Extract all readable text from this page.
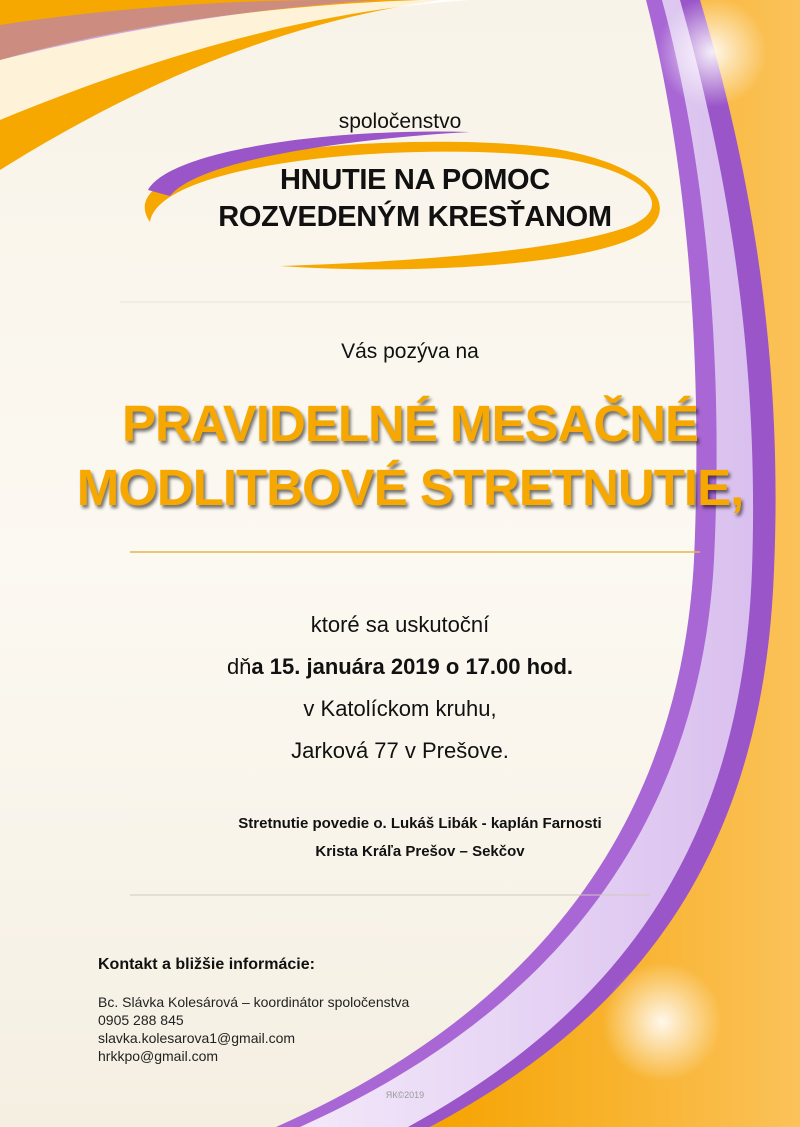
spoločenstvo

HNUTIE NA POMOC
ROZVEDENÝM KRESŤANOM

Vás pozýva na

PRAVIDELNÉ MESAČNÉ
MODLITBOVÉ STRETNUTIE,
ktoré sa uskutoční
dňa 15. januára 2019 o 17.00 hod.
v Katolíckom kruhu,
Jarková 77 v Prešove.
Stretnutie povedie o. Lukáš Libák - kaplán Farnosti
Krista Kráľa Prešov – Sekčov

Kontakt a bližšie informácie:

Bc. Slávka Kolesárová – koordinátor spoločenstva
0905 288 845
slavka.kolesarova1@gmail.com
hrkkpo@gmail.com

ЯК©2019
